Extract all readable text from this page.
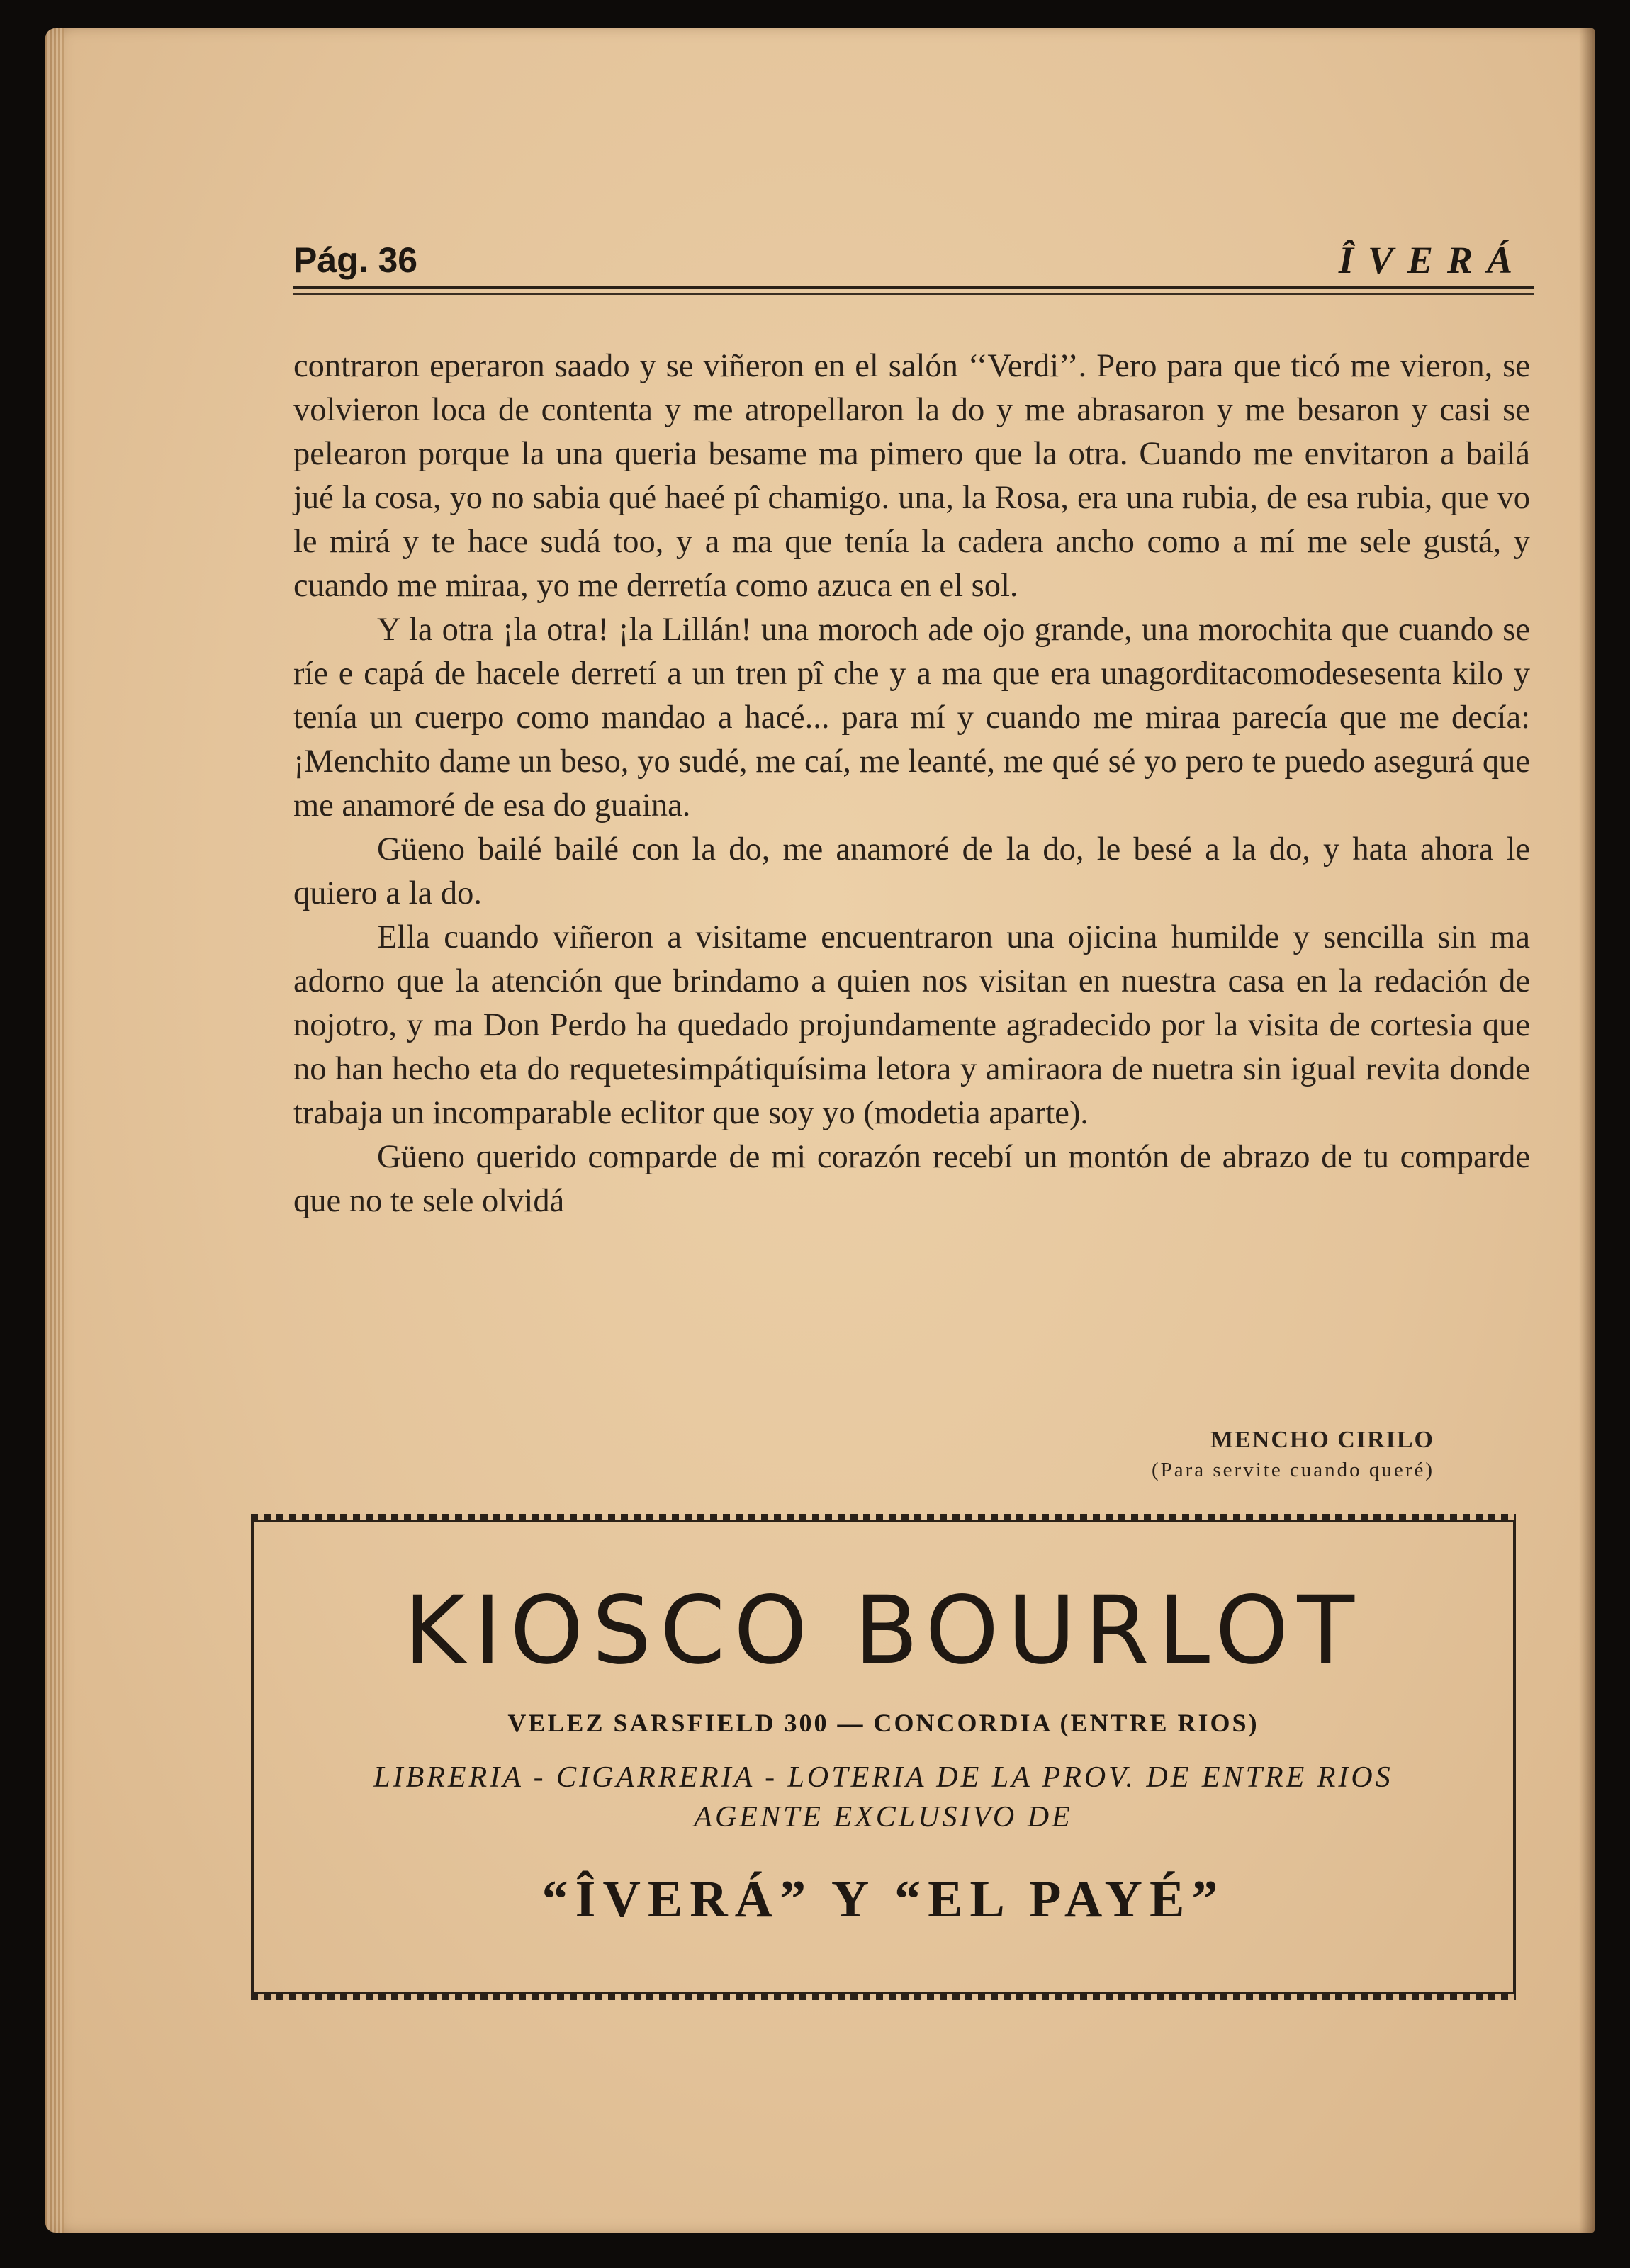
Pág. 36	ÎVERÁ

contraron eperaron saado y se viñeron en el salón ‘‘Verdi’’. Pero para que ticó me vieron, se volvieron loca de contenta y me atropellaron la do y me abrasaron y me besaron y casi se pelearon porque la una queria besame ma pimero que la otra. Cuando me envitaron a bailá jué la cosa, yo no sabia qué haeé pî chamigo. una, la Rosa, era una rubia, de esa rubia, que vo le mirá y te hace sudá too, y a ma que tenía la cadera ancho como a mí me sele gustá, y cuando me miraa, yo me derretía como azuca en el sol.

Y la otra ¡la otra! ¡la Lillán! una moroch ade ojo grande, una morochita que cuando se ríe e capá de hacele derretí a un tren pî che y a ma que era unagorditacomodesesenta kilo y tenía un cuerpo como mandao a hacé... para mí y cuando me miraa parecía que me decía: ¡Menchito dame un beso, yo sudé, me caí, me leanté, me qué sé yo pero te puedo asegurá que me anamoré de esa do guaina.

Güeno bailé bailé con la do, me anamoré de la do, le besé a la do, y hata ahora le quiero a la do.

Ella cuando viñeron a visitame encuentraron una ojicina humilde y sencilla sin ma adorno que la atención que brindamo a quien nos visitan en nuestra casa en la redación de nojotro, y ma Don Perdo ha quedado projundamente agradecido por la visita de cortesia que no han hecho eta do requetesimpátiquísima letora y amiraora de nuetra sin igual revita donde trabaja un incomparable eclitor que soy yo (modetia aparte).

Güeno querido comparde de mi corazón recebí un montón de abrazo de tu comparde que no te sele olvidá

MENCHO CIRILO
(Para servite cuando queré)
KIOSCO BOURLOT
VELEZ SARSFIELD 300 — CONCORDIA (ENTRE RIOS)
LIBRERIA - CIGARRERIA - LOTERIA DE LA PROV. DE ENTRE RIOS
AGENTE EXCLUSIVO DE
“ÎVERÁ” Y “EL PAYÉ”
